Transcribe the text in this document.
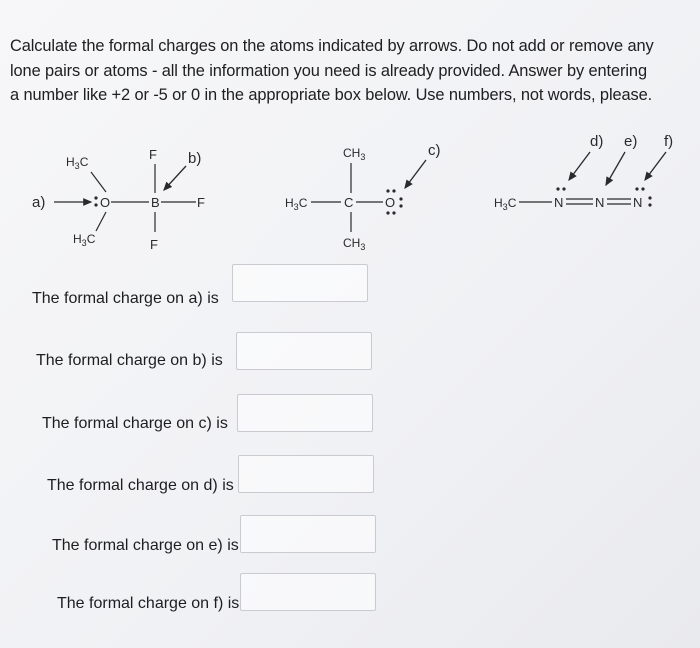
Calculate the formal charges on the atoms indicated by arrows. Do not add or remove any
lone pairs or atoms - all the information you need is already provided. Answer by entering
a number like +2 or -5 or 0 in the appropriate box below. Use numbers, not words, please.
a)	O
$H_3C$
$H_3C$
B	F
F
F
b)	$CH_3$
$H_3C$	C O
$CH_3$
c)
$H_3C$	N N N
d) e) f)
The formal charge on a) is
The formal charge on b) is
The formal charge on c) is
The formal charge on d) is
The formal charge on e) is
The formal charge on f) is
